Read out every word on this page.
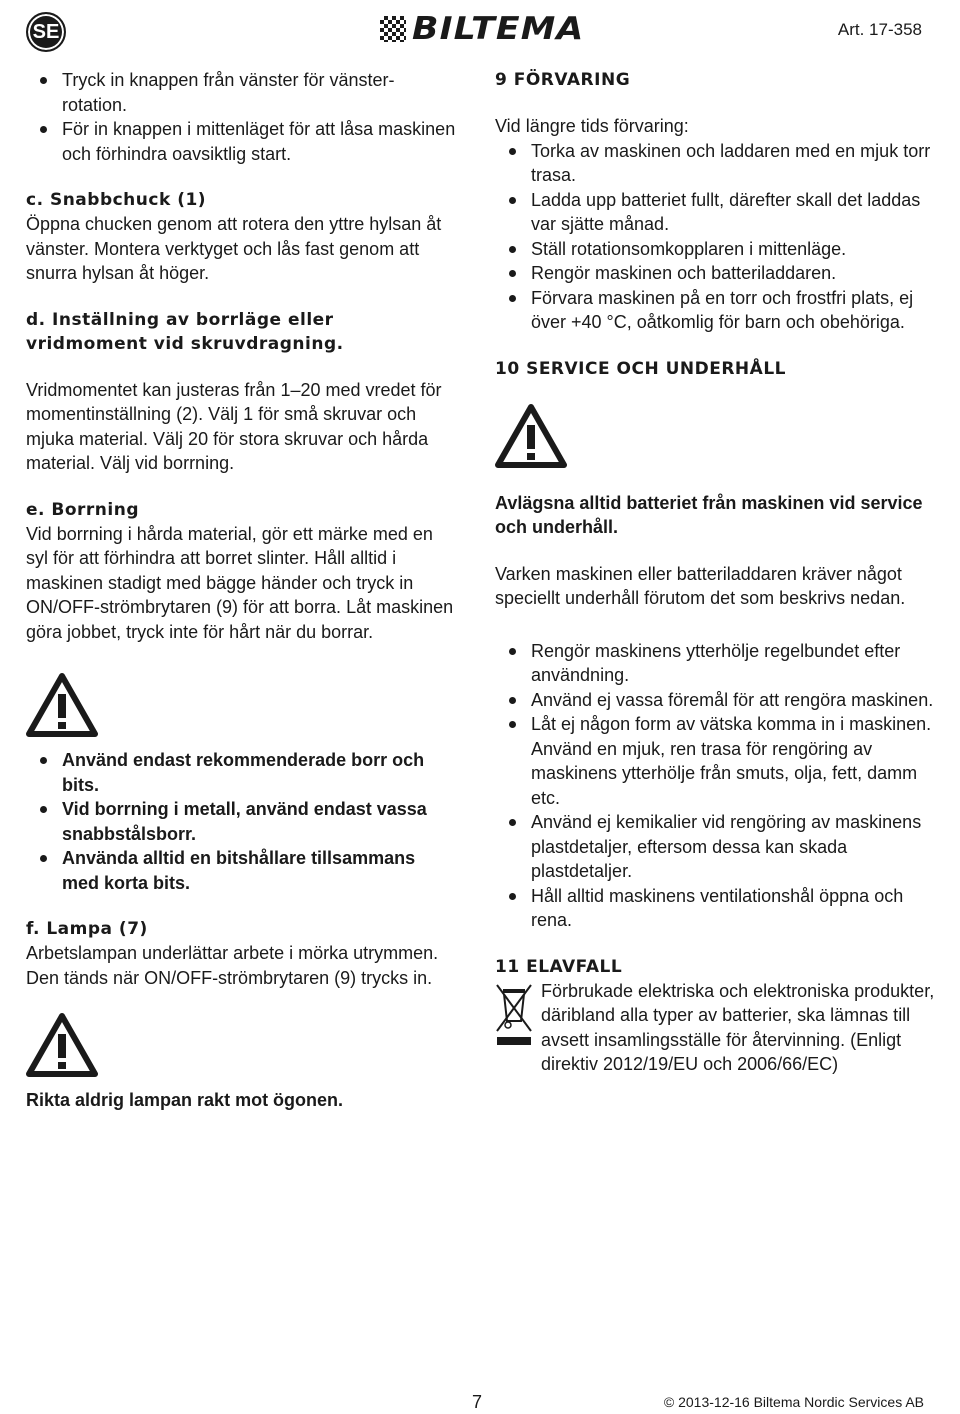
SE	BILTEMA	Art. 17-358
Tryck in knappen från vänster för vänster-rotation.
För in knappen i mittenläget för att låsa maskinen och förhindra oavsiktlig start.

c. Snabbchuck (1)

Öppna chucken genom att rotera den yttre hylsan åt vänster. Montera verktyget och lås fast genom att snurra hylsan åt höger.

d. Inställning av borrläge eller vridmoment vid skruvdragning.

Vridmomentet kan justeras från 1–20 med vredet för momentinställning (2). Välj 1 för små skruvar och mjuka material. Välj 20 för stora skruvar och hårda material. Välj vid borrning.

e. Borrning

Vid borrning i hårda material, gör ett märke med en syl för att förhindra att borret slinter. Håll alltid i maskinen stadigt med bägge händer och tryck in ON/OFF-strömbrytaren (9) för att borra. Låt maskinen göra jobbet, tryck inte för hårt när du borrar.

Använd endast rekommenderade borr och bits.
Vid borrning i metall, använd endast vassa snabbstålsborr.
Använda alltid en bitshållare tillsammans med korta bits.

f. Lampa (7)

Arbetslampan underlättar arbete i mörka utrymmen. Den tänds när ON/OFF-strömbrytaren (9) trycks in.

Rikta aldrig lampan rakt mot ögonen.

9 FÖRVARING

Vid längre tids förvaring:

Torka av maskinen och laddaren med en mjuk torr trasa.
Ladda upp batteriet fullt, därefter skall det laddas var sjätte månad.
Ställ rotationsomkopplaren i mittenläge.
Rengör maskinen och batteriladdaren.
Förvara maskinen på en torr och frostfri plats, ej över +40 °C, oåtkomlig för barn och obehöriga.

10 SERVICE OCH UNDERHÅLL

Avlägsna alltid batteriet från maskinen vid service och underhåll.

Varken maskinen eller batteriladdaren kräver något speciellt underhåll förutom det som beskrivs nedan.

Rengör maskinens ytterhölje regelbundet efter användning.
Använd ej vassa föremål för att rengöra maskinen.
Låt ej någon form av vätska komma in i maskinen. Använd en mjuk, ren trasa för rengöring av maskinens ytterhölje från smuts, olja, fett, damm etc.
Använd ej kemikalier vid rengöring av maskinens plastdetaljer, eftersom dessa kan skada plastdetaljer.
Håll alltid maskinens ventilationshål öppna och rena.

11 ELAVFALL

Förbrukade elektriska och elektroniska produkter, däribland alla typer av batterier, ska lämnas till avsett insamlingsställe för återvinning. (Enligt direktiv 2012/19/EU och 2006/66/EC)

7	© 2013-12-16 Biltema Nordic Services AB
